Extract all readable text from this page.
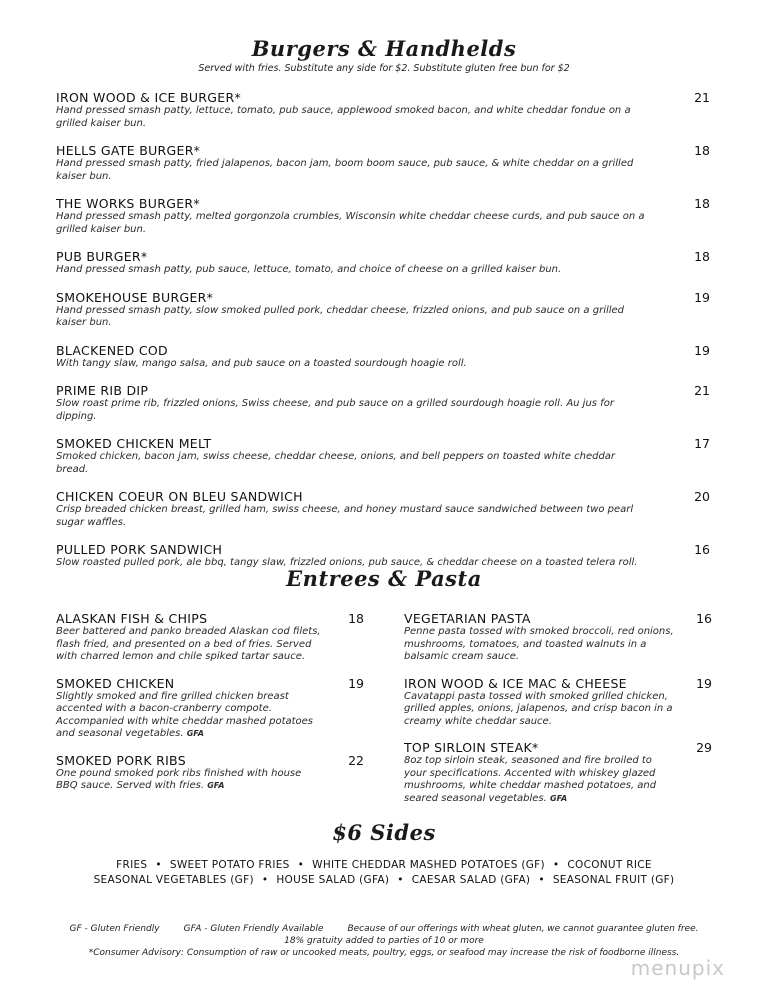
Burgers & Handhelds

Served with fries. Substitute any side for $2. Substitute gluten free bun for $2

IRON WOOD & ICE BURGER*
Hand pressed smash patty, lettuce, tomato, pub sauce, applewood smoked bacon, and white cheddar fondue on a grilled kaiser bun.
21
HELLS GATE BURGER*
Hand pressed smash patty, fried jalapenos, bacon jam, boom boom sauce, pub sauce, & white cheddar on a grilled kaiser bun.
18
THE WORKS BURGER*
Hand pressed smash patty, melted gorgonzola crumbles, Wisconsin white cheddar cheese curds, and pub sauce on a grilled kaiser bun.
18
PUB BURGER*
Hand pressed smash patty, pub sauce, lettuce, tomato, and choice of cheese on a grilled kaiser bun.
18
SMOKEHOUSE BURGER*
Hand pressed smash patty, slow smoked pulled pork, cheddar cheese, frizzled onions, and pub sauce on a grilled kaiser bun.
19
BLACKENED COD
With tangy slaw, mango salsa, and pub sauce on a toasted sourdough hoagie roll.
19
PRIME RIB DIP
Slow roast prime rib, frizzled onions, Swiss cheese, and pub sauce on a grilled sourdough hoagie roll. Au jus for dipping.
21
SMOKED CHICKEN MELT
Smoked chicken, bacon jam, swiss cheese, cheddar cheese, onions, and bell peppers on toasted white cheddar bread.
17
CHICKEN COEUR ON BLEU SANDWICH
Crisp breaded chicken breast, grilled ham, swiss cheese, and honey mustard sauce sandwiched between two pearl sugar waffles.
20
PULLED PORK SANDWICH
Slow roasted pulled pork, ale bbq, tangy slaw, frizzled onions, pub sauce, & cheddar cheese on a toasted telera roll.
16
Entrees & Pasta
ALASKAN FISH & CHIPS
Beer battered and panko breaded Alaskan cod filets, flash fried, and presented on a bed of fries. Served with charred lemon and chile spiked tartar sauce.
18
SMOKED CHICKEN
Slightly smoked and fire grilled chicken breast accented with a bacon-cranberry compote. Accompanied with white cheddar mashed potatoes and seasonal vegetables. GFA
19
SMOKED PORK RIBS
One pound smoked pork ribs finished with house BBQ sauce. Served with fries. GFA
22
VEGETARIAN PASTA
Penne pasta tossed with smoked broccoli, red onions, mushrooms, tomatoes, and toasted walnuts in a balsamic cream sauce.
16
IRON WOOD & ICE MAC & CHEESE
Cavatappi pasta tossed with smoked grilled chicken, grilled apples, onions, jalapenos, and crisp bacon in a creamy white cheddar sauce.
19
TOP SIRLOIN STEAK*
8oz top sirloin steak, seasoned and fire broiled to your specifications. Accented with whiskey glazed mushrooms, white cheddar mashed potatoes, and seared seasonal vegetables. GFA
29
$6 Sides
FRIES • SWEET POTATO FRIES • WHITE CHEDDAR MASHED POTATOES (GF) • COCONUT RICE
SEASONAL VEGETABLES (GF) • HOUSE SALAD (GFA) • CAESAR SALAD (GFA) • SEASONAL FRUIT (GF)
GF - Gluten Friendly	GFA - Gluten Friendly Available	Because of our offerings with wheat gluten, we cannot guarantee gluten free.
18% gratuity added to parties of 10 or more
*Consumer Advisory: Consumption of raw or uncooked meats, poultry, eggs, or seafood may increase the risk of foodborne illness.
menupix
